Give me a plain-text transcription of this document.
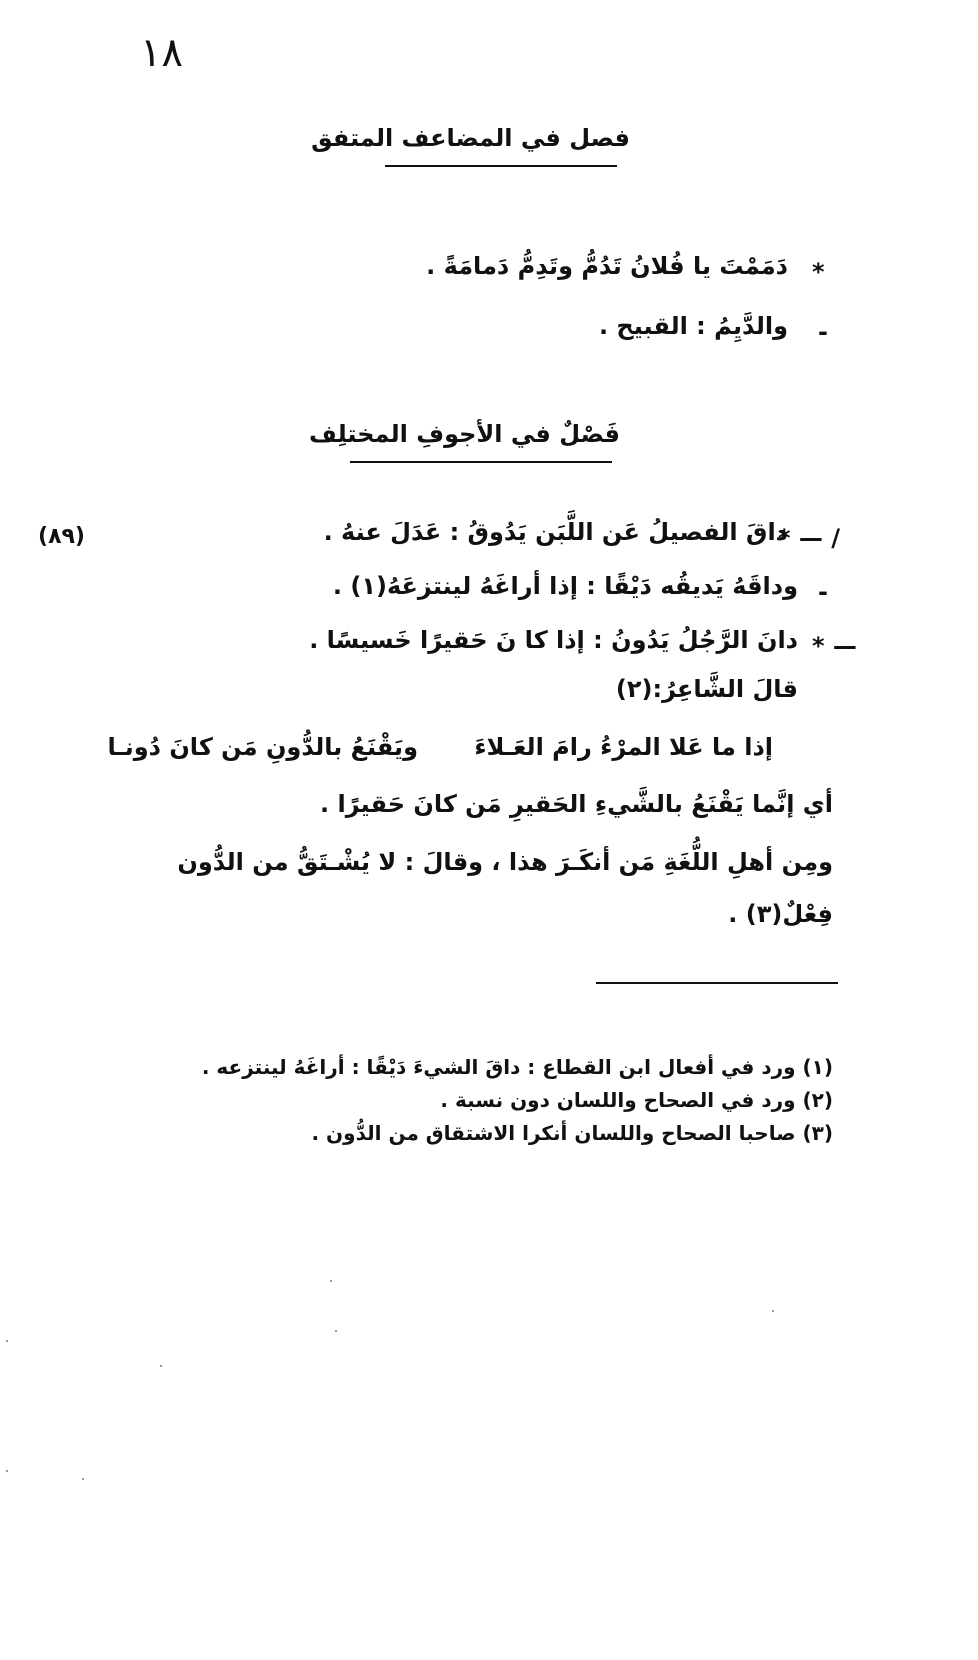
١٨
فصل في المضاعف المتفق
*
دَمَمْتَ يا فُلانُ تَدُمُّ وتَدِمُّ دَمامَةً .
-
والدَّيِمُ : القبيح .
فَصْلٌ في الأجوفِ المختلِف
(٨٩)	* — /
داقَ الفصيلُ عَن اللَّبَن يَدُوقُ : عَدَلَ عنهُ .
-
وداقَهُ يَديقُه دَيْقًا : إذا أراغَهُ لينتزعَهُ(١) .
* —
دانَ الرَّجُلُ يَدُونُ : إذا كا نَ حَقيرًا خَسيسًا .
قالَ الشَّاعِرُ:(٢)
إذا ما عَلا المرْءُ رامَ العَـلاءَ
ويَقْنَعُ بالدُّونِ مَن كانَ دُونـا
أي إنَّما يَقْنَعُ بالشَّيءِ الحَقيرِ مَن كانَ حَقيرًا .
ومِن أهلِ اللُّغَةِ مَن أنكَـرَ هذا ، وقالَ : لا يُشْـتَقُّ من الدُّون
فِعْلٌ(٣) .
(١) ورد في أفعال ابن القطاع : داقَ الشيءَ دَيْقًا : أراغَهُ لينتزعه .
(٢) ورد في الصحاح واللسان دون نسبة .
(٣) صاحبا الصحاح واللسان أنكرا الاشتقاق من الدُّون .
